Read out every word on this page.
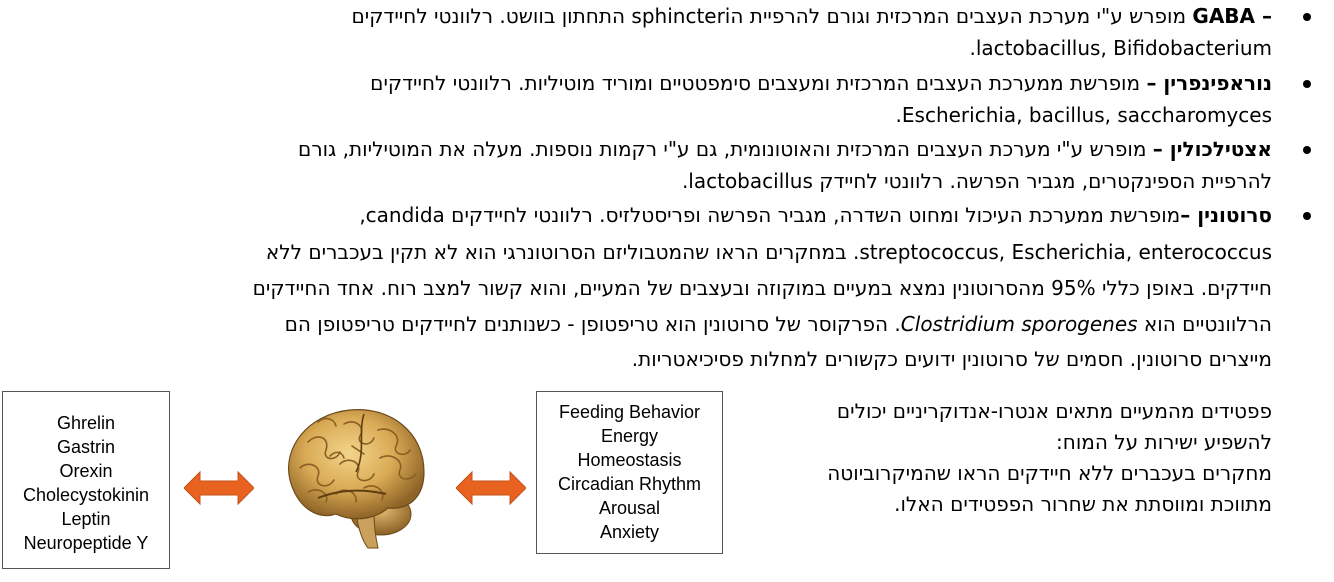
GABA – מופרש ע"י מערכת העצבים המרכזית וגורם להרפיית הsphincteri התחתון בוושט. רלוונטי לחיידקים
lactobacillus, Bifidobacterium.
נוראפינפרין – מופרשת ממערכת העצבים המרכזית ומעצבים סימפטטיים ומוריד מוטיליות. רלוונטי לחיידקים
Escherichia, bacillus, saccharomyces.
אצטילכולין – מופרש ע"י מערכת העצבים המרכזית והאוטונומית, גם ע"י רקמות נוספות. מעלה את המוטיליות, גורם
להרפיית הספינקטרים, מגביר הפרשה. רלוונטי לחיידק lactobacillus.
סרוטונין –מופרשת ממערכת העיכול ומחוט השדרה, מגביר הפרשה ופריסטלזיס. רלוונטי לחיידקים candida,
streptococcus, Escherichia, enterococcus. במחקרים הראו שהמטבוליזם הסרוטונרגי הוא לא תקין בעכברים ללא
חיידקים. באופן כללי 95% מהסרוטונין נמצא במעיים במוקוזה ובעצבים של המעיים, והוא קשור למצב רוח. אחד החיידקים
הרלוונטיים הוא Clostridium sporogenes. הפרקוסר של סרוטונין הוא טריפטופן - כשנותנים לחיידקים טריפטופן הם
מייצרים סרוטונין. חסמים של סרוטונין ידועים כקשורים למחלות פסיכיאטריות.
Ghrelin
Gastrin
Orexin
Cholecystokinin
Leptin
Neuropeptide Y
Feeding Behavior
Energy
Homeostasis
Circadian Rhythm
Arousal
Anxiety
פפטידים מהמעיים מתאים אנטרו-אנדוקריניים יכולים
להשפיע ישירות על המוח:
מחקרים בעכברים ללא חיידקים הראו שהמיקרוביוטה
מתווכת ומווסתת את שחרור הפפטידים האלו.
